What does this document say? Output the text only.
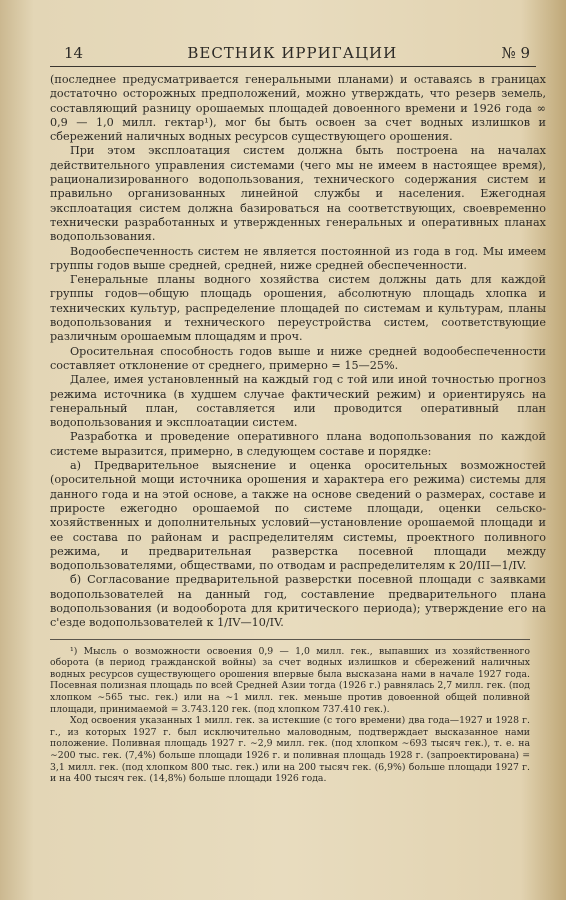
14	ВЕСТНИК ИРРИГАЦИИ	№ 9

(последнее предусматривается генеральными планами) и оставаясь в границах достаточно осторожных предположений, можно утверждать, что резерв земель, составляющий разницу орошаемых площадей довоенного времени и 1926 года ∞ 0,9 — 1,0 милл. гектар¹), мог бы быть освоен за счет водных излишков и сбережений наличных водных ресурсов существующего орошения.

При этом эксплоатация систем должна быть построена на началах действительного управления системами (чего мы не имеем в настоящее время), рационализированного водопользования, технического содержания систем и правильно организованных линейной службы и населения. Ежегодная эксплоатация систем должна базироваться на соответствующих, своевременно технически разработанных и утвержденных генеральных и оперативных планах водопользования.

Водообеспеченность систем не является постоянной из года в год. Мы имеем группы годов выше средней, средней, ниже средней обеспеченности.

Генеральные планы водного хозяйства систем должны дать для каждой группы годов—общую площадь орошения, абсолютную площадь хлопка и технических культур, распределение площадей по системам и культурам, планы водопользования и технического переустройства систем, соответствующие различным орошаемым площадям и проч.

Оросительная способность годов выше и ниже средней водообеспеченности составляет отклонение от среднего, примерно = 15—25%.

Далее, имея установленный на каждый год с той или иной точностью прогноз режима источника (в худшем случае фактический режим) и ориентируясь на генеральный план, составляется или проводится оперативный план водопользования и эксплоатации систем.

Разработка и проведение оперативного плана водопользования по каждой системе выразится, примерно, в следующем составе и порядке:

а) Предварительное выяснение и оценка оросительных возможностей (оросительной мощи источника орошения и характера его режима) системы для данного года и на этой основе, а также на основе сведений о размерах, составе и приросте ежегодно орошаемой по системе площади, оценки сельско-хозяйственных и дополнительных условий—установление орошаемой площади и ее состава по районам и распределителям системы, проектного поливного режима, и предварительная разверстка посевной площади между водопользователями, обществами, по отводам и распределителям к 20/III—1/IV.

б) Согласование предварительной разверстки посевной площади с заявками водопользователей на данный год, составление предварительного плана водопользования (и водооборота для критического периода); утверждение его на с'езде водопользователей к 1/IV—10/IV.

¹) Мысль о возможности освоения 0,9 — 1,0 милл. гек., выпавших из хозяйственного оборота (в период гражданской войны) за счет водных излишков и сбережений наличных водных ресурсов существующего орошения впервые была высказана нами в начале 1927 года. Посевная полизная площадь по всей Средней Азии тогда (1926 г.) равнялась 2,7 милл. гек. (под хлопком ∼565 тыс. гек.) или на ∼1 милл. гек. меньше против довоенной общей поливной площади, принимаемой = 3.743.120 гек. (под хлопком 737.410 гек.).

Ход освоения указанных 1 милл. гек. за истекшие (с того времени) два года—1927 и 1928 г. г., из которых 1927 г. был исключительно маловодным, подтверждает высказанное нами положение. Поливная площадь 1927 г. ∼2,9 милл. гек. (под хлопком ∼693 тысяч гек.), т. е. на ∼200 тыс. гек. (7,4%) больше площади 1926 г. и поливная площадь 1928 г. (запроектирована) = 3,1 милл. гек. (под хлопком 800 тыс. гек.) или на 200 тысяч гек. (6,9%) больше площади 1927 г. и на 400 тысяч гек. (14,8%) больше площади 1926 года.
